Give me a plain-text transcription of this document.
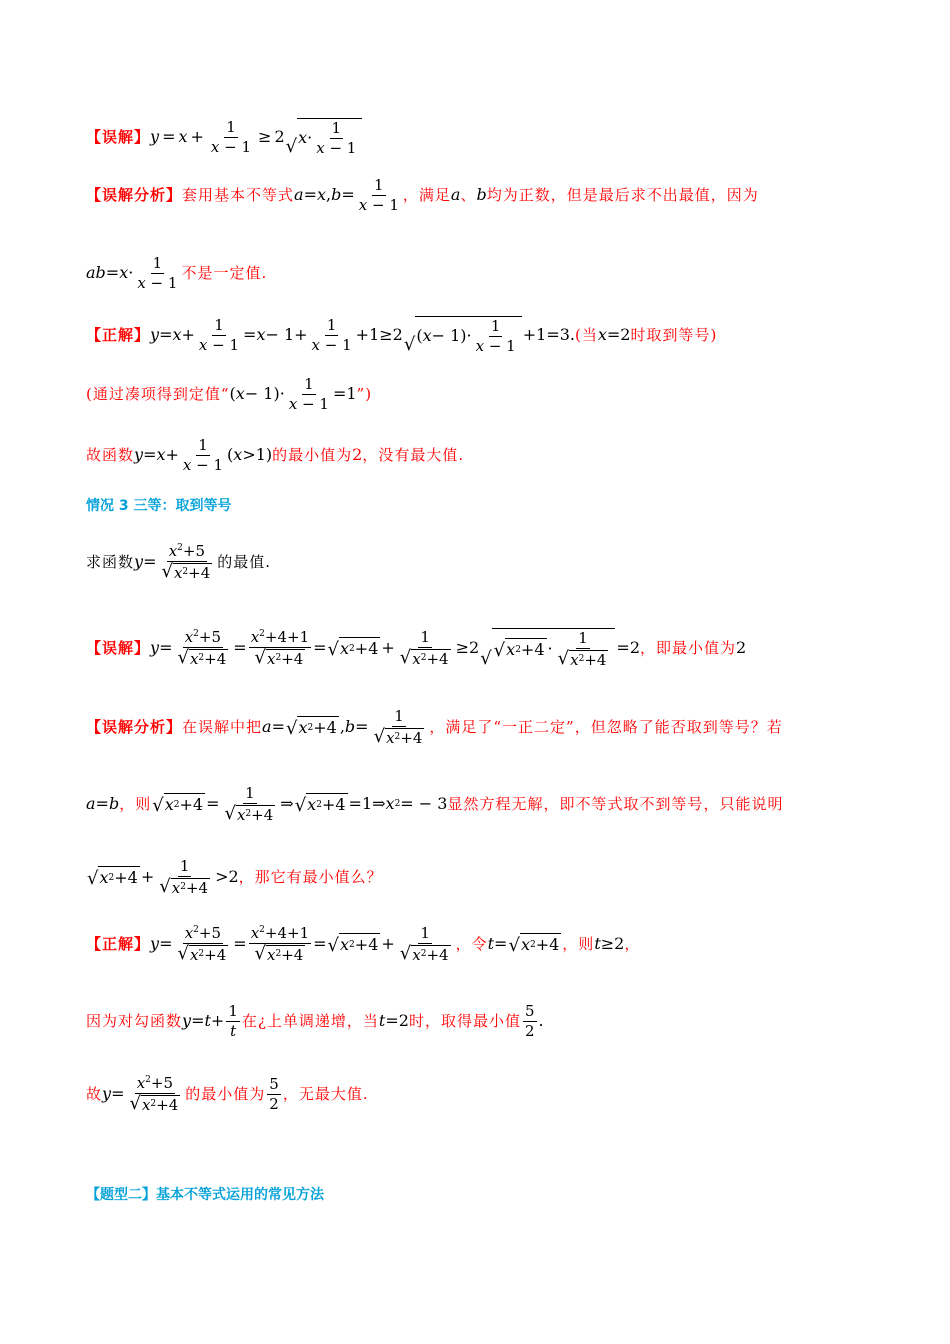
【误解】 $y = x + \frac{1}{x - 1} \ge 2$ √ $x \cdot \frac{1}{x - 1}$
【误解分析】 套用基本不等式 a = x , $b = \frac{1}{x - 1}$ ，满足 a 、 b 均为正数，但是最后求不出最值，因为
ab = $x \cdot \frac{1}{x - 1}$ 不是一定值.
【正解】 $y = x + \frac{1}{x - 1} = x - 1+ \frac{1}{x - 1} +1\ge 2$ √ ( $x - 1)\cdot \frac{1}{x - 1} +1=3$. (当 x =2 时取到等号)
(通过凑项得到定值“ ( $x - 1)\cdot \frac{1}{x - 1} =1$ ”)
故函数 $y = x + \frac{1}{x - 1}$ ( x >1) 的最小值为 2 ，没有最大值.
情况 3 三等：取到等号
求函数 $y = \frac{x^2+5}{√ x 2 +4}$ 的最值.
【误解】 $y = \frac{x^2+5}{√ x 2 +4} = \frac{x^2+4+1}{√ x 2 +4}$ = √ x $2 +4 + \frac{1}{√ x 2 +4} \ge 2$
√ √ x $2 +4 \cdot \frac{1}{√ x 2 +4} =2$ ，即最小值为 2
【误解分析】 在误解中把 a = √ x 2 +4 , $b = \frac{1}{√ x 2 +4}$ ，满足了“一正二定”，但忽略了能否取到等号？若
a = b ，则 √ x $2 +4 = \frac{1}{√ x 2 +4}$ ⇒ √ x 2 +4 =1⇒ x 2 = − 3 显然方程无解，即不等式取不到等号，只能说明
√ x $2 +4 + \frac{1}{√ x 2 +4} >2$ ，那它有最小值么？
【正解】 $y = \frac{x^2+5}{√ x 2 +4} = \frac{x^2+4+1}{√ x 2 +4}$ = √ x $2 +4 + \frac{1}{√ x 2 +4}$ ，令 t = √ x 2 +4 ，则 t ≥2 ，
因为对勾函数 $y = t + \frac{1}{t}$ 在¿上单调递增，当 t =2 时，取得最小值 $\frac{5}{2}$ .
故 $y = \frac{x^2+5}{√ x 2 +4}$ 的最小值为 $\frac{5}{2}$ ，无最大值.
【题型二】基本不等式运用的常见方法
